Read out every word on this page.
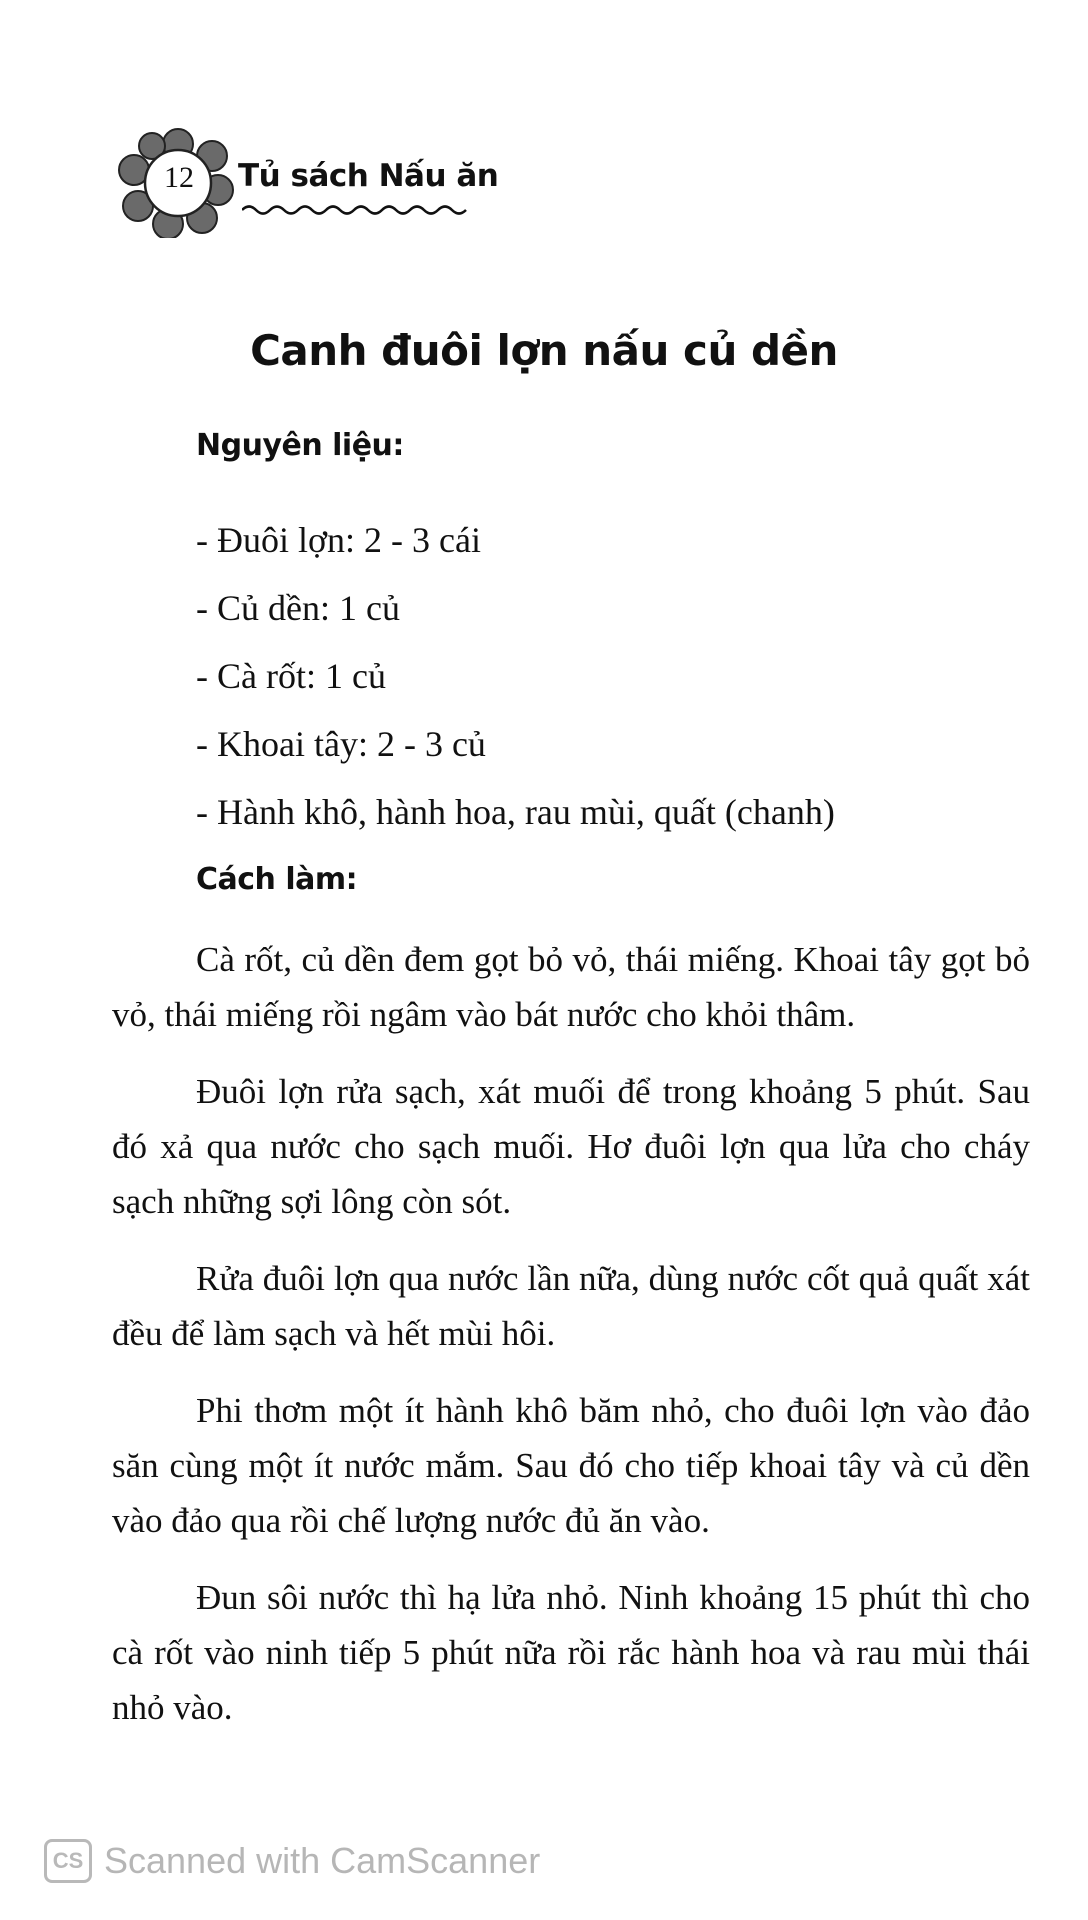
12	Tủ sách Nấu ăn
Canh đuôi lợn nấu củ dền
Nguyên liệu:
- Đuôi lợn: 2 - 3 cái
- Củ dền: 1 củ
- Cà rốt: 1 củ
- Khoai tây: 2 - 3 củ
- Hành khô, hành hoa, rau mùi, quất (chanh)
Cách làm:

Cà rốt, củ dền đem gọt bỏ vỏ, thái miếng. Khoai tây gọt bỏ vỏ, thái miếng rồi ngâm vào bát nước cho khỏi thâm.

Đuôi lợn rửa sạch, xát muối để trong khoảng 5 phút. Sau đó xả qua nước cho sạch muối. Hơ đuôi lợn qua lửa cho cháy sạch những sợi lông còn sót.

Rửa đuôi lợn qua nước lần nữa, dùng nước cốt quả quất xát đều để làm sạch và hết mùi hôi.

Phi thơm một ít hành khô băm nhỏ, cho đuôi lợn vào đảo săn cùng một ít nước mắm. Sau đó cho tiếp khoai tây và củ dền vào đảo qua rồi chế lượng nước đủ ăn vào.

Đun sôi nước thì hạ lửa nhỏ. Ninh khoảng 15 phút thì cho cà rốt vào ninh tiếp 5 phút nữa rồi rắc hành hoa và rau mùi thái nhỏ vào.

CS Scanned with CamScanner
